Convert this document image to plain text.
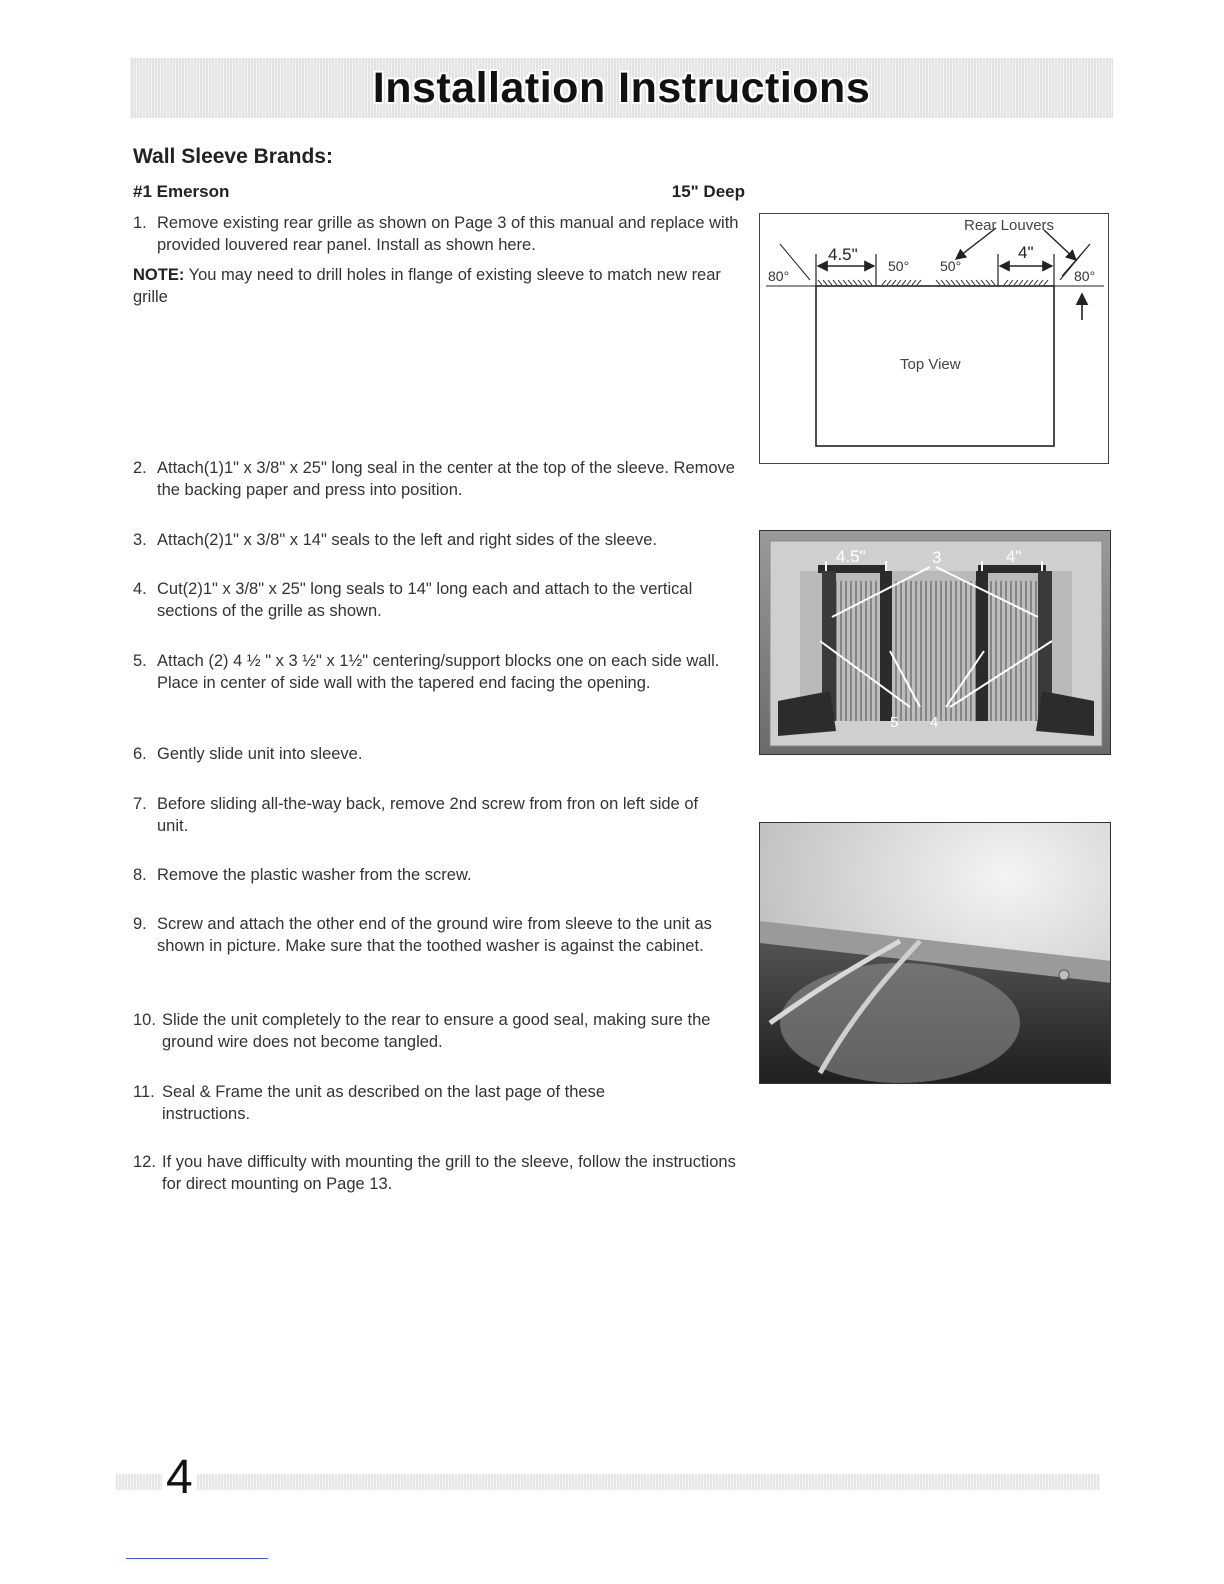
Installation Instructions
Wall Sleeve Brands:
#1 Emerson	15" Deep
1. Remove existing rear grille as shown on Page 3 of this manual and replace with provided louvered rear panel. Install as shown here.
NOTE: You may need to drill holes in flange of existing sleeve to match new rear grille
2. Attach(1)1" x 3/8" x 25" long seal in the center at the top of the sleeve. Remove the backing paper and press into position.
3. Attach(2)1" x 3/8" x 14" seals to the left and right sides of the sleeve.
4. Cut(2)1" x 3/8" x 25" long seals to 14" long each and attach to the vertical sections of the grille as shown.
5. Attach (2) 4 ½ " x 3 ½" x 1½" centering/support blocks one on each side wall. Place in center of side wall with the tapered end facing the opening.
6. Gently slide unit into sleeve.
7. Before sliding all-the-way back, remove 2nd screw from fron on left side of unit.
8. Remove the plastic washer from the screw.
9. Screw and attach the other end of the ground wire from sleeve to the unit as shown in picture. Make sure that the toothed washer is against the cabinet.
10. Slide the unit completely to the rear to ensure a good seal, making sure the ground wire does not become tangled.
11. Seal & Frame the unit as described on the last page of these instructions.
12. If you have difficulty with mounting the grill to the sleeve, follow the instructions for direct mounting on Page 13.
Rear Louvers
4.5"	4"
50° 50°
80°	80°
Top View
4.5"	3	4"
5 4
4
